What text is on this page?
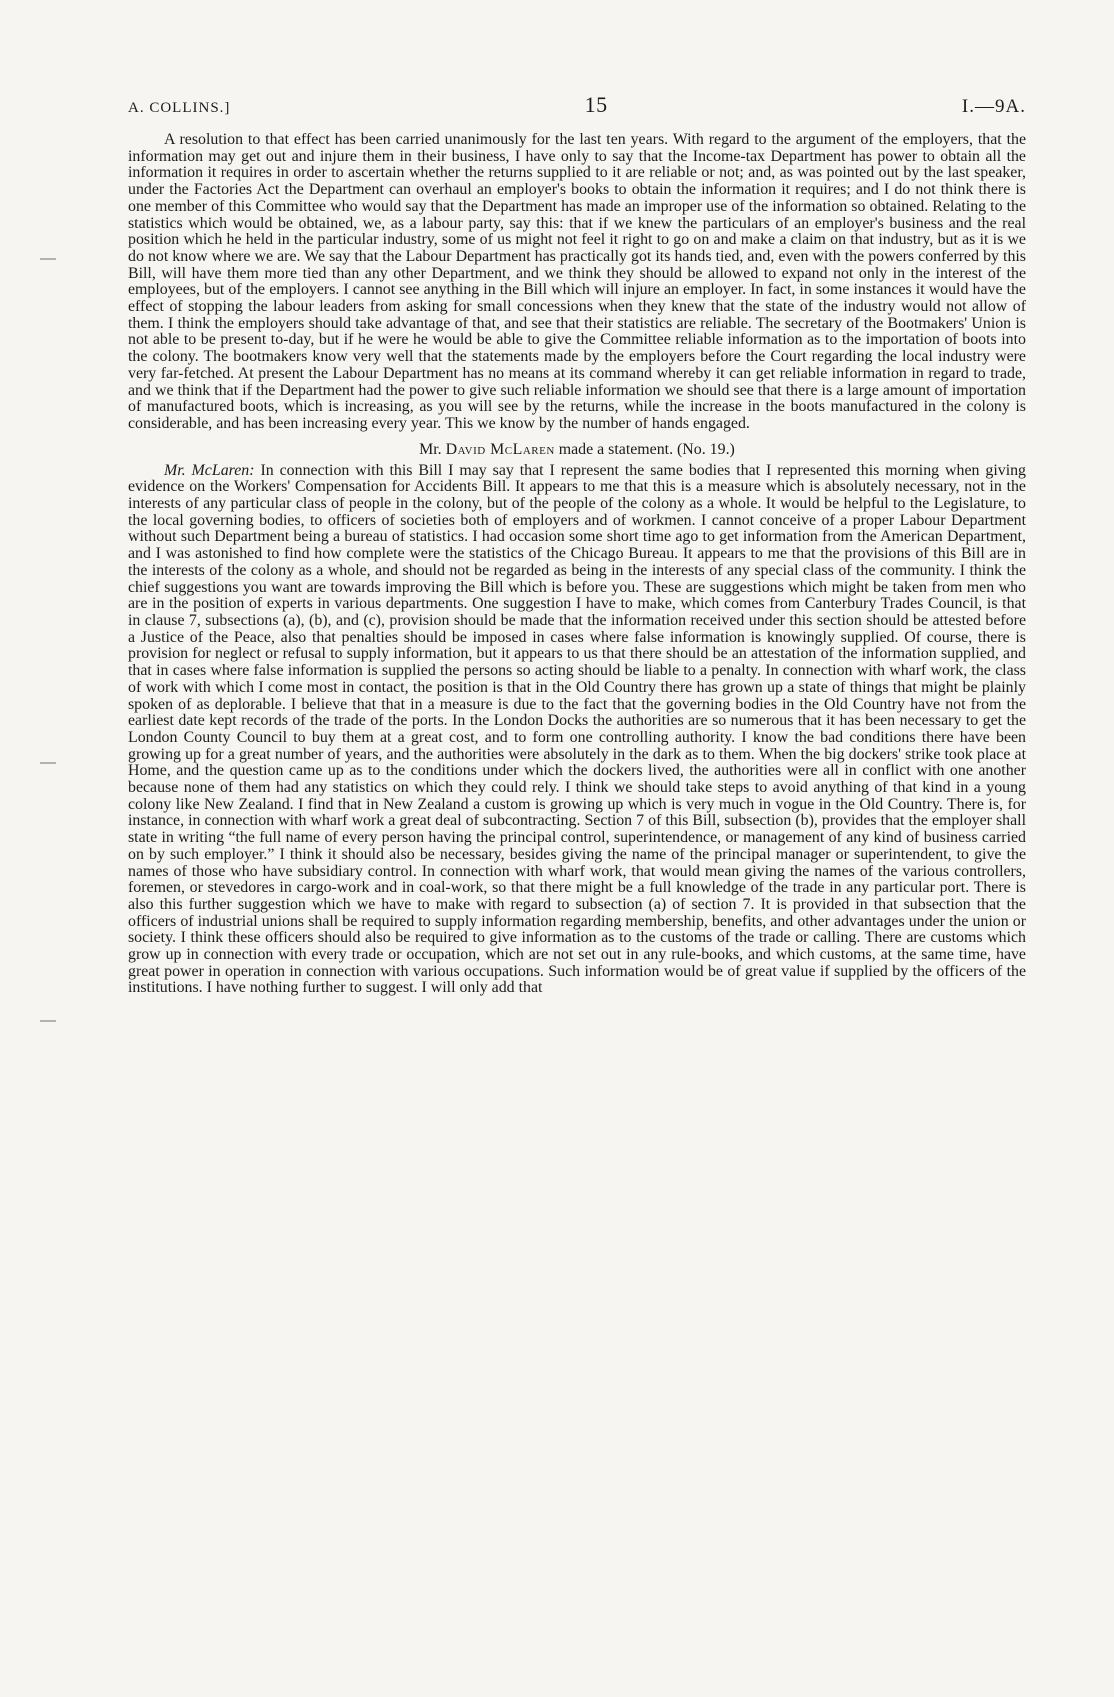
A. COLLINS.]	15	I.—9A.

A resolution to that effect has been carried unanimously for the last ten years. With regard to the argument of the employers, that the information may get out and injure them in their business, I have only to say that the Income-tax Department has power to obtain all the information it requires in order to ascertain whether the returns supplied to it are reliable or not; and, as was pointed out by the last speaker, under the Factories Act the Department can overhaul an employer's books to obtain the information it requires; and I do not think there is one member of this Committee who would say that the Department has made an improper use of the information so obtained. Relating to the statistics which would be obtained, we, as a labour party, say this: that if we knew the particulars of an employer's business and the real position which he held in the particular industry, some of us might not feel it right to go on and make a claim on that industry, but as it is we do not know where we are. We say that the Labour Department has practically got its hands tied, and, even with the powers conferred by this Bill, will have them more tied than any other Department, and we think they should be allowed to expand not only in the interest of the employees, but of the employers. I cannot see anything in the Bill which will injure an employer. In fact, in some instances it would have the effect of stopping the labour leaders from asking for small concessions when they knew that the state of the industry would not allow of them. I think the employers should take advantage of that, and see that their statistics are reliable. The secretary of the Bootmakers' Union is not able to be present to-day, but if he were he would be able to give the Committee reliable information as to the importation of boots into the colony. The bootmakers know very well that the statements made by the employers before the Court regarding the local industry were very far-fetched. At present the Labour Department has no means at its command whereby it can get reliable information in regard to trade, and we think that if the Department had the power to give such reliable information we should see that there is a large amount of importation of manufactured boots, which is increasing, as you will see by the returns, while the increase in the boots manufactured in the colony is considerable, and has been increasing every year. This we know by the number of hands engaged.

Mr. David McLaren made a statement. (No. 19.)

Mr. McLaren: In connection with this Bill I may say that I represent the same bodies that I represented this morning when giving evidence on the Workers' Compensation for Accidents Bill. It appears to me that this is a measure which is absolutely necessary, not in the interests of any particular class of people in the colony, but of the people of the colony as a whole. It would be helpful to the Legislature, to the local governing bodies, to officers of societies both of employers and of workmen. I cannot conceive of a proper Labour Department without such Department being a bureau of statistics. I had occasion some short time ago to get information from the American Department, and I was astonished to find how complete were the statistics of the Chicago Bureau. It appears to me that the provisions of this Bill are in the interests of the colony as a whole, and should not be regarded as being in the interests of any special class of the community. I think the chief suggestions you want are towards improving the Bill which is before you. These are suggestions which might be taken from men who are in the position of experts in various departments. One suggestion I have to make, which comes from Canterbury Trades Council, is that in clause 7, subsections (a), (b), and (c), provision should be made that the information received under this section should be attested before a Justice of the Peace, also that penalties should be imposed in cases where false information is knowingly supplied. Of course, there is provision for neglect or refusal to supply information, but it appears to us that there should be an attestation of the information supplied, and that in cases where false information is supplied the persons so acting should be liable to a penalty. In connection with wharf work, the class of work with which I come most in contact, the position is that in the Old Country there has grown up a state of things that might be plainly spoken of as deplorable. I believe that that in a measure is due to the fact that the governing bodies in the Old Country have not from the earliest date kept records of the trade of the ports. In the London Docks the authorities are so numerous that it has been necessary to get the London County Council to buy them at a great cost, and to form one controlling authority. I know the bad conditions there have been growing up for a great number of years, and the authorities were absolutely in the dark as to them. When the big dockers' strike took place at Home, and the question came up as to the conditions under which the dockers lived, the authorities were all in conflict with one another because none of them had any statistics on which they could rely. I think we should take steps to avoid anything of that kind in a young colony like New Zealand. I find that in New Zealand a custom is growing up which is very much in vogue in the Old Country. There is, for instance, in connection with wharf work a great deal of subcontracting. Section 7 of this Bill, subsection (b), provides that the employer shall state in writing “the full name of every person having the principal control, superintendence, or management of any kind of business carried on by such employer.” I think it should also be necessary, besides giving the name of the principal manager or superintendent, to give the names of those who have subsidiary control. In connection with wharf work, that would mean giving the names of the various controllers, foremen, or stevedores in cargo-work and in coal-work, so that there might be a full knowledge of the trade in any particular port. There is also this further suggestion which we have to make with regard to subsection (a) of section 7. It is provided in that subsection that the officers of industrial unions shall be required to supply information regarding membership, benefits, and other advantages under the union or society. I think these officers should also be required to give information as to the customs of the trade or calling. There are customs which grow up in connection with every trade or occupation, which are not set out in any rule-books, and which customs, at the same time, have great power in operation in connection with various occupations. Such information would be of great value if supplied by the officers of the institutions. I have nothing further to suggest. I will only add that
